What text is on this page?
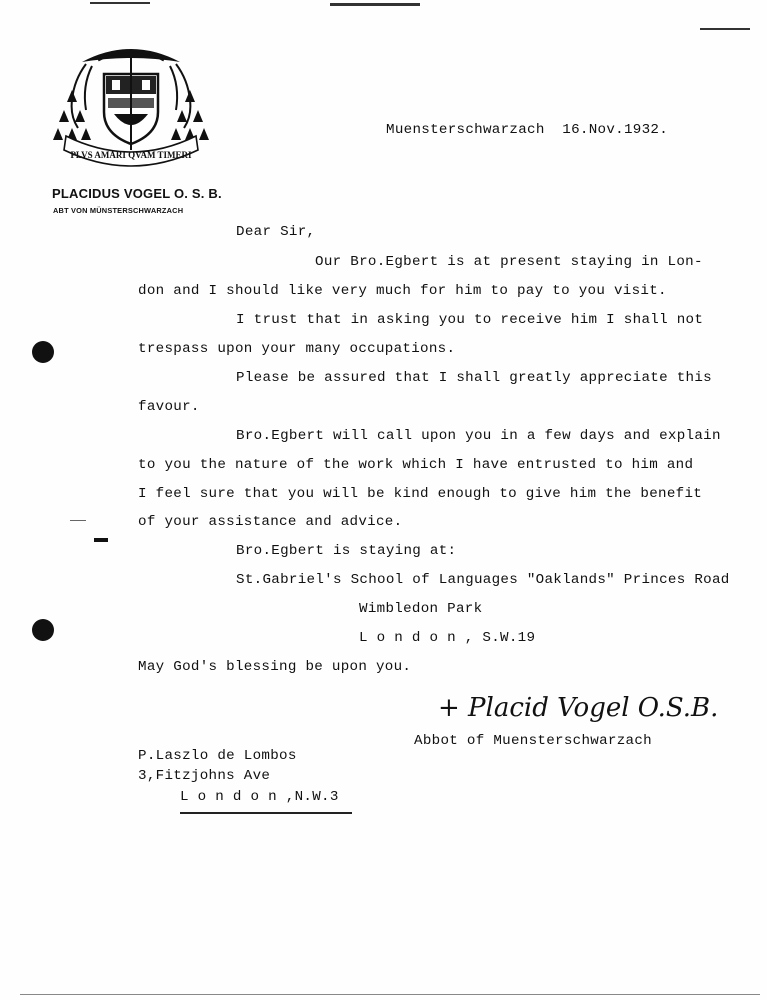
PLVS AMARI QVAM TIMERI
PLACIDUS VOGEL O. S. B.
ABT VON MÜNSTERSCHWARZACH
Muensterschwarzach  16.Nov.1932.
Dear Sir,
Our Bro.Egbert is at present staying in Lon-
don and I should like very much for him to pay to you visit.
I trust that in asking you to receive him I shall not
trespass upon your many occupations.
Please be assured that I shall greatly appreciate this
favour.
Bro.Egbert will call upon you in a few days and explain
to you the nature of the work which I have entrusted to him and
I feel sure that you will be kind enough to give him the benefit
of your assistance and advice.
Bro.Egbert is staying at:
St.Gabriel's School of Languages "Oaklands" Princes Road
Wimbledon Park
L o n d o n , S.W.19
May God's blessing be upon you.
+ Placid Vogel O.S.B.
Abbot of Muensterschwarzach
P.Laszlo de Lombos
3,Fitzjohns Ave
L o n d o n ,N.W.3
